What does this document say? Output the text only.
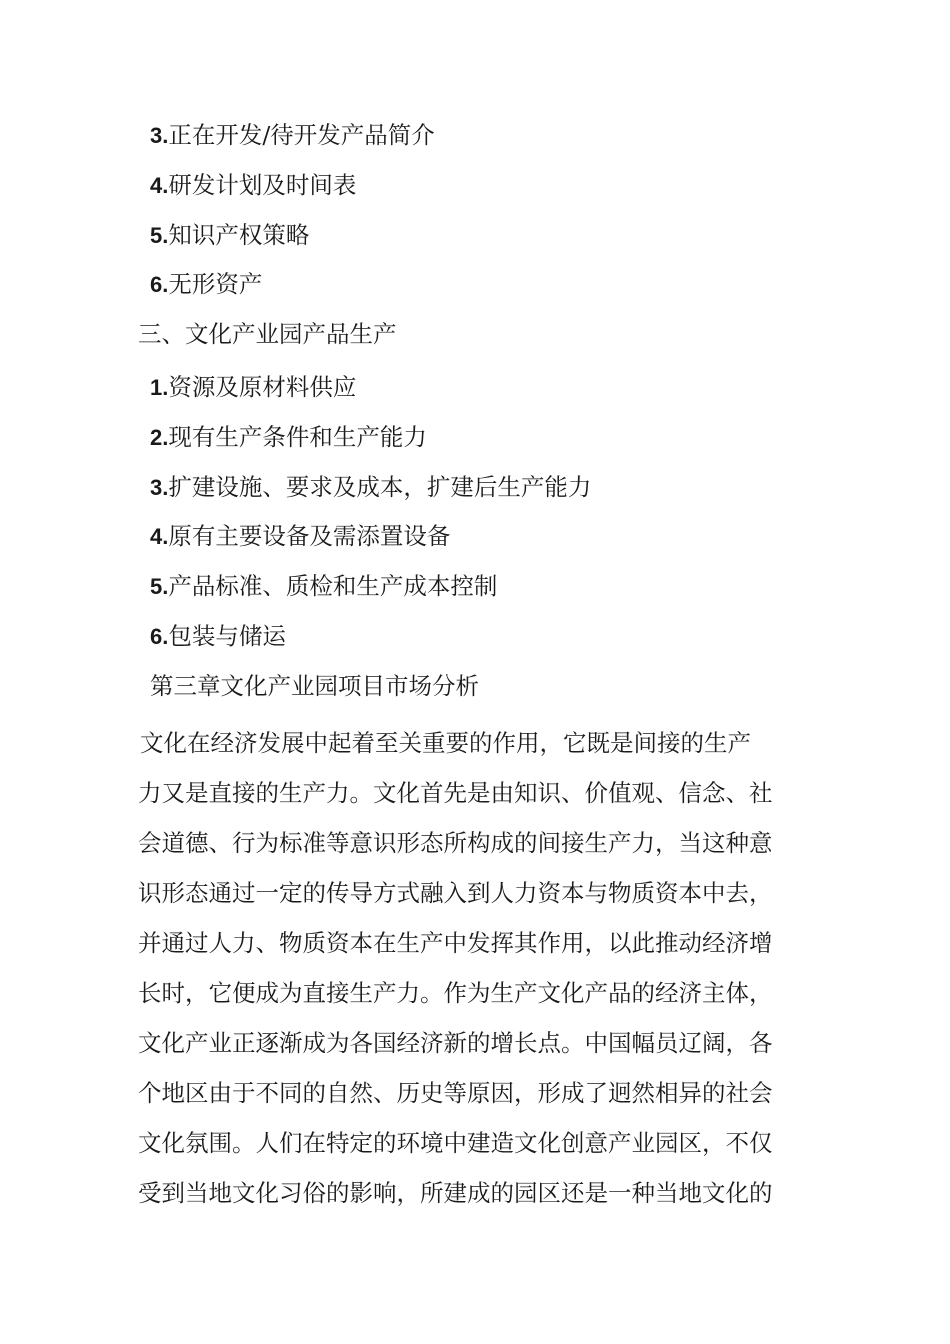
3.正在开发/待开发产品简介
4.研发计划及时间表
5.知识产权策略
6.无形资产
三、文化产业园产品生产
1.资源及原材料供应
2.现有生产条件和生产能力
3.扩建设施、要求及成本，扩建后生产能力
4.原有主要设备及需添置设备
5.产品标准、质检和生产成本控制
6.包装与储运
第三章文化产业园项目市场分析

文化在经济发展中起着至关重要的作用，它既是间接的生产

力又是直接的生产力。文化首先是由知识、价值观、信念、社

会道德、行为标准等意识形态所构成的间接生产力，当这种意

识形态通过一定的传导方式融入到人力资本与物质资本中去，

并通过人力、物质资本在生产中发挥其作用，以此推动经济增

长时，它便成为直接生产力。作为生产文化产品的经济主体，

文化产业正逐渐成为各国经济新的增长点。中国幅员辽阔，各

个地区由于不同的自然、历史等原因，形成了迥然相异的社会

文化氛围。人们在特定的环境中建造文化创意产业园区，不仅

受到当地文化习俗的影响，所建成的园区还是一种当地文化的
